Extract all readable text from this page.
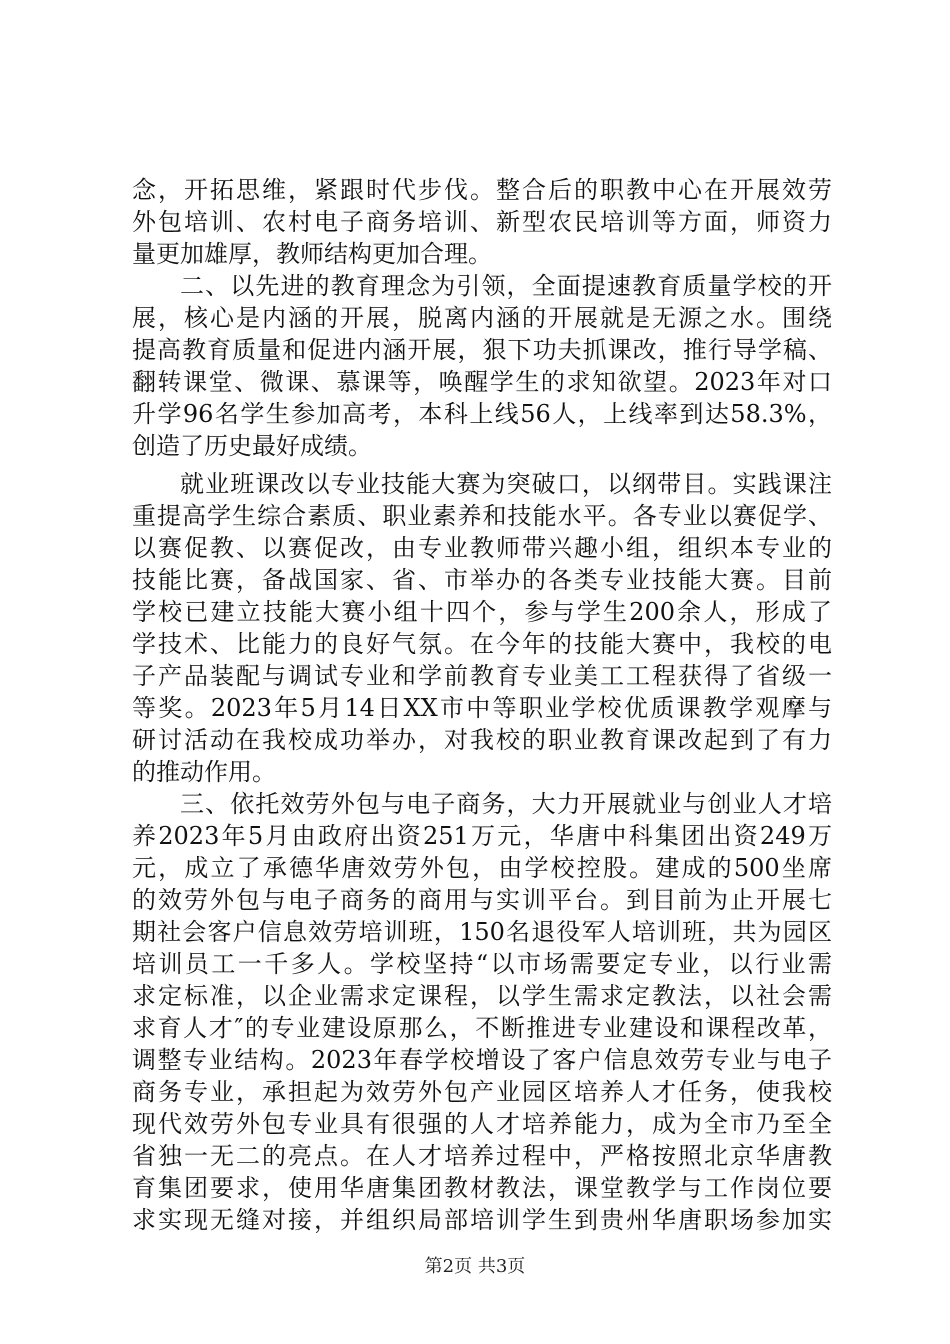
念，开拓思维，紧跟时代步伐。整合后的职教中心在开展效劳
外包培训、农村电子商务培训、新型农民培训等方面，师资力
量更加雄厚，教师结构更加合理。
二、以先进的教育理念为引领，全面提速教育质量学校的开
展，核心是内涵的开展，脱离内涵的开展就是无源之水。围绕
提高教育质量和促进内涵开展，狠下功夫抓课改，推行导学稿、
翻转课堂、微课、慕课等，唤醒学生的求知欲望。2023年对口
升学96名学生参加高考，本科上线56人，上线率到达58.3%，
创造了历史最好成绩。
就业班课改以专业技能大赛为突破口，以纲带目。实践课注
重提高学生综合素质、职业素养和技能水平。各专业以赛促学、
以赛促教、以赛促改，由专业教师带兴趣小组，组织本专业的
技能比赛，备战国家、省、市举办的各类专业技能大赛。目前
学校已建立技能大赛小组十四个，参与学生200余人，形成了
学技术、比能力的良好气氛。在今年的技能大赛中，我校的电
子产品装配与调试专业和学前教育专业美工工程获得了省级一
等奖。2023年5月14日XX市中等职业学校优质课教学观摩与
研讨活动在我校成功举办，对我校的职业教育课改起到了有力
的推动作用。
三、依托效劳外包与电子商务，大力开展就业与创业人才培
养2023年5月由政府出资251万元，华唐中科集团出资249万
元，成立了承德华唐效劳外包，由学校控股。建成的500坐席
的效劳外包与电子商务的商用与实训平台。到目前为止开展七
期社会客户信息效劳培训班，150名退役军人培训班，共为园区
培训员工一千多人。学校坚持“以市场需要定专业，以行业需
求定标准，以企业需求定课程，以学生需求定教法，以社会需
求育人才″的专业建设原那么，不断推进专业建设和课程改革，
调整专业结构。2023年春学校增设了客户信息效劳专业与电子
商务专业，承担起为效劳外包产业园区培养人才任务，使我校
现代效劳外包专业具有很强的人才培养能力，成为全市乃至全
省独一无二的亮点。在人才培养过程中，严格按照北京华唐教
育集团要求，使用华唐集团教材教法，课堂教学与工作岗位要
求实现无缝对接，并组织局部培训学生到贵州华唐职场参加实
第2页 共3页
